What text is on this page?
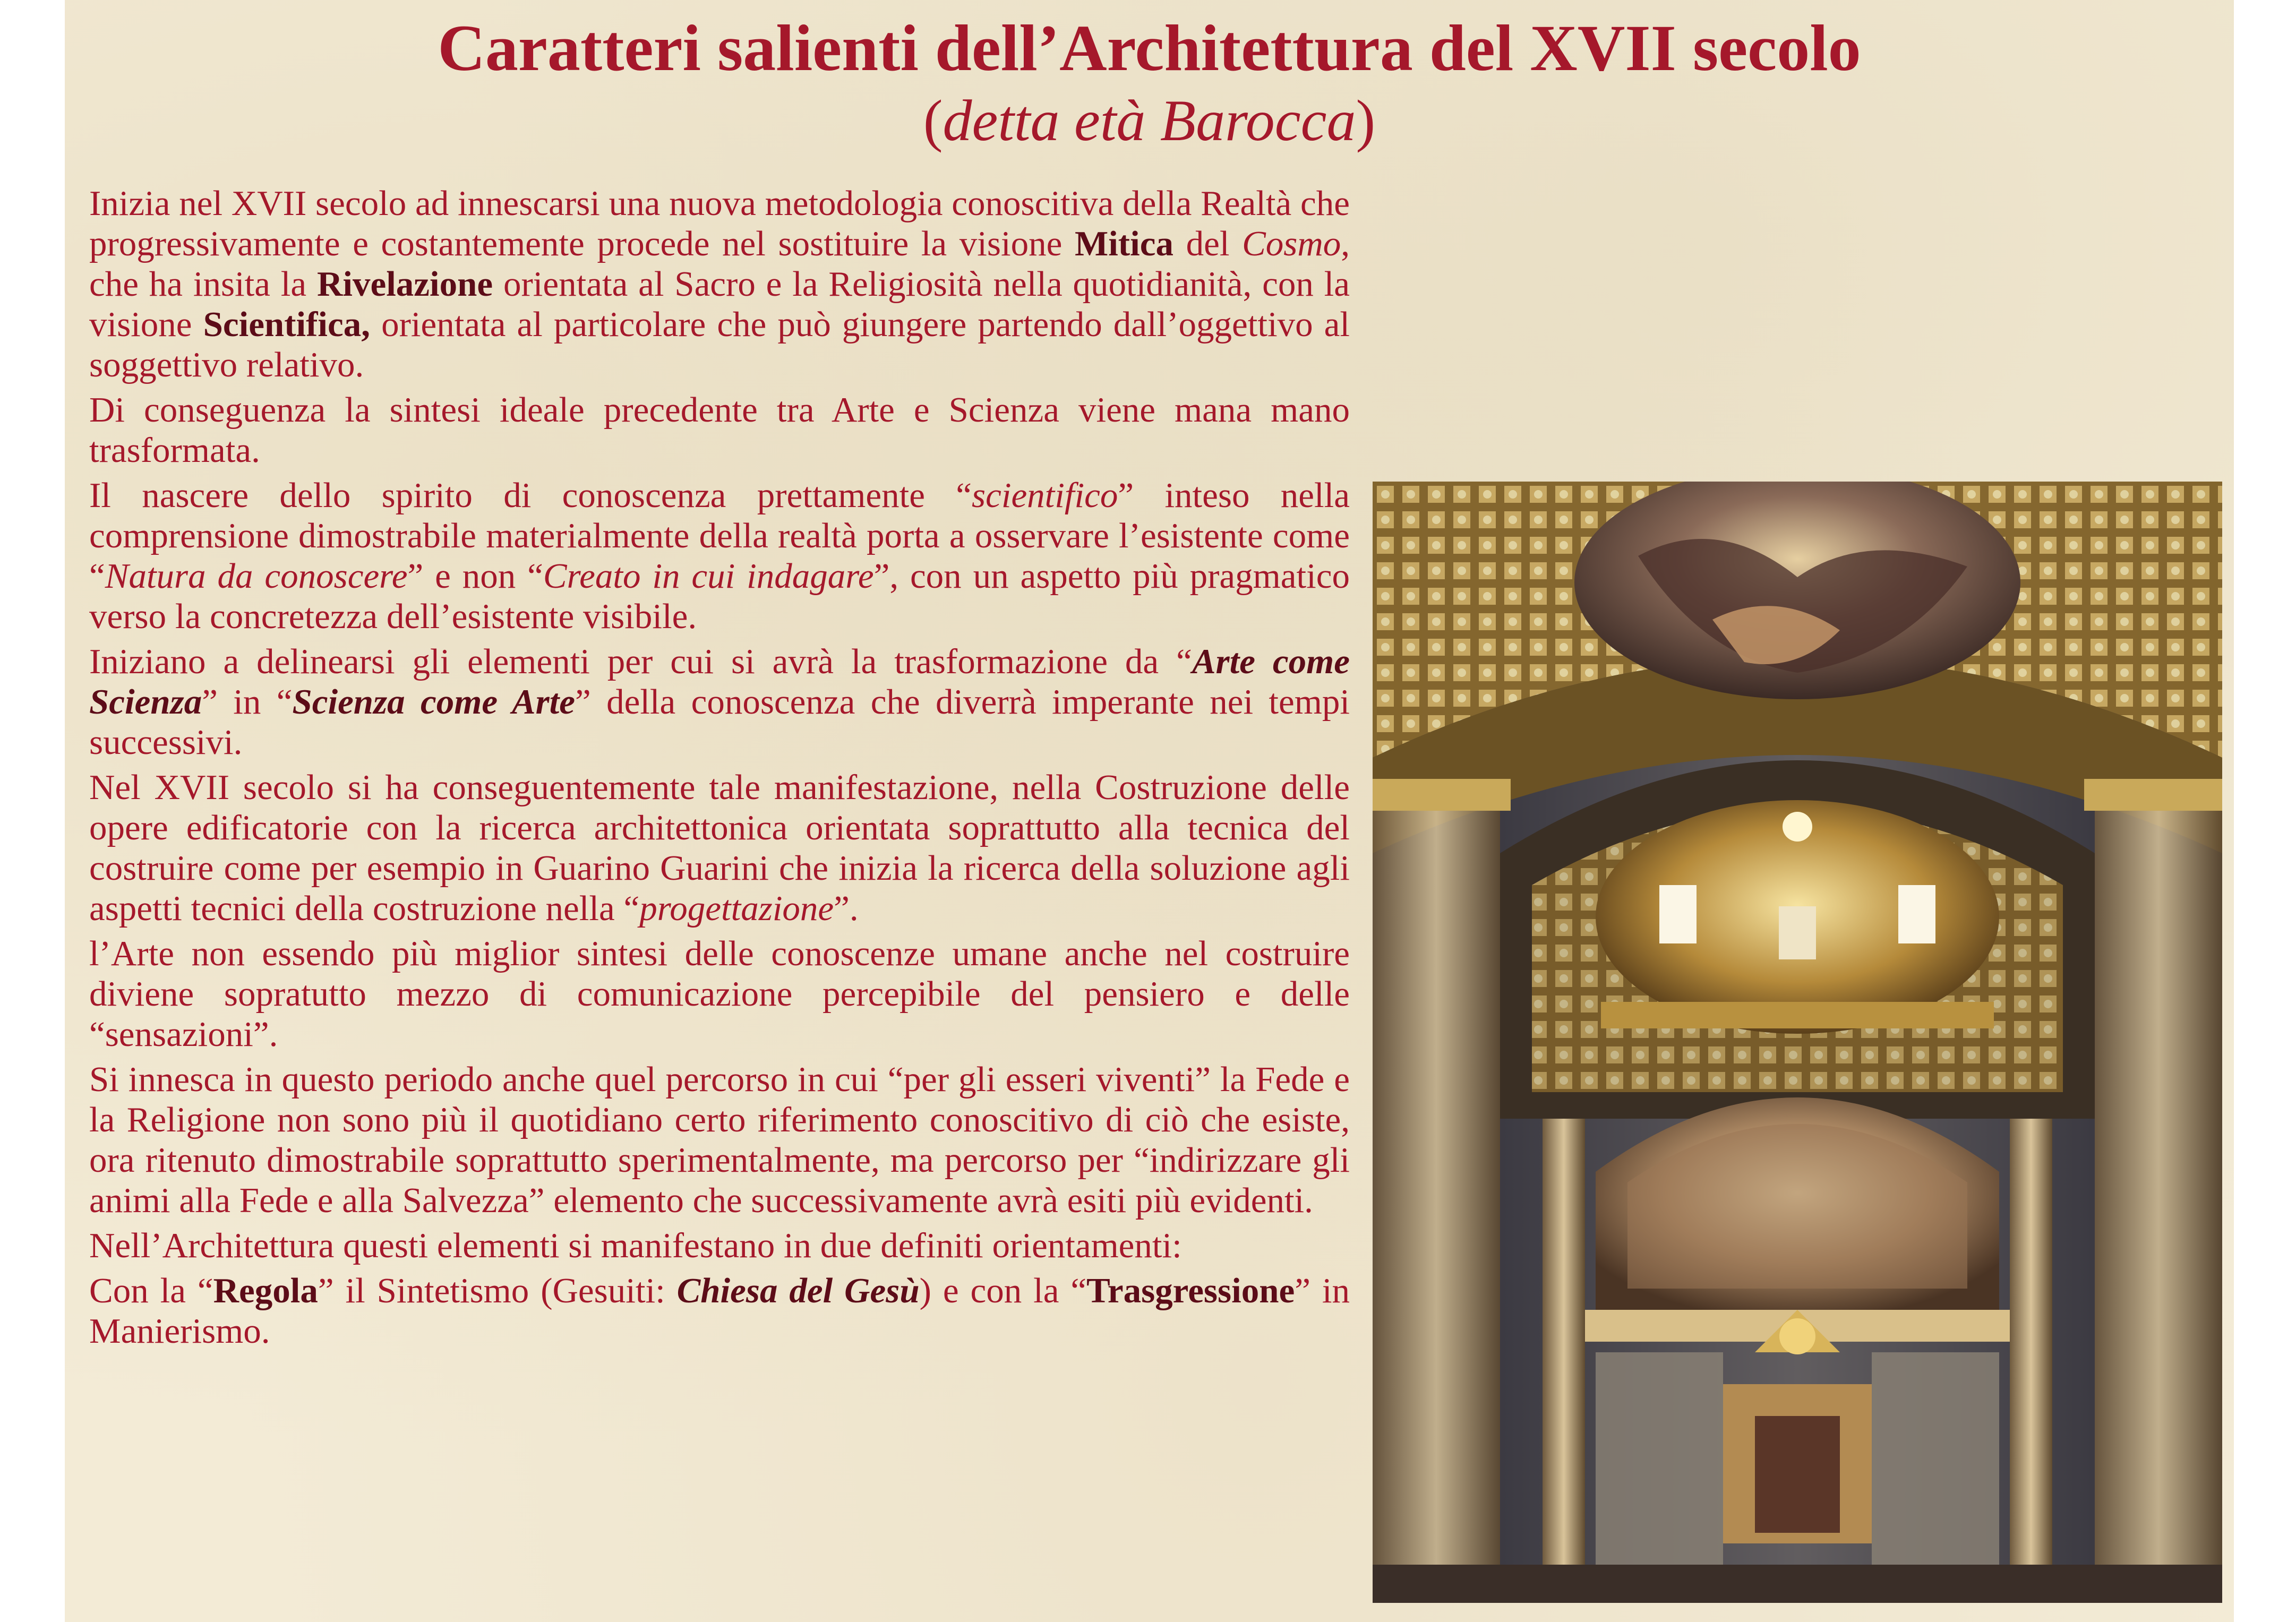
Caratteri salienti dell’Architettura del XVII secolo
(detta età Barocca)

Inizia nel XVII secolo ad innescarsi una nuova metodologia conoscitiva della Realtà che progressivamente e costantemente procede nel sostituire la visione Mitica del Cosmo, che ha insita la Rivelazione orientata al Sacro e la Religiosità nella quotidianità, con la visione Scientifica, orientata al particolare che può giungere partendo dall’oggettivo al soggettivo relativo.

Di conseguenza la sintesi ideale precedente tra Arte e Scienza viene mana mano trasformata.

Il nascere dello spirito di conoscenza prettamente “scientifico” inteso nella comprensione dimostrabile materialmente della realtà porta a osservare l’esistente come “Natura da conoscere” e non “Creato in cui indagare”, con un aspetto più pragmatico verso la concretezza dell’esistente visibile.

Iniziano a delinearsi gli elementi per cui si avrà la trasformazione da “Arte come Scienza” in “Scienza come Arte” della conoscenza che diverrà imperante nei tempi successivi.

Nel XVII secolo si ha conseguentemente tale manifestazione, nella Costruzione delle opere edificatorie con la ricerca architettonica orientata soprattutto alla tecnica del costruire come per esempio in Guarino Guarini che inizia la ricerca della soluzione agli aspetti tecnici della costruzione nella “progettazione”.

l’Arte non essendo più miglior sintesi delle conoscenze umane anche nel costruire diviene sopratutto mezzo di comunicazione percepibile del pensiero e delle “sensazioni”.

Si innesca in questo periodo anche quel percorso in cui “per gli esseri viventi” la Fede e la Religione non sono più il quotidiano certo riferimento conoscitivo di ciò che esiste, ora ritenuto dimostrabile soprattutto sperimentalmente, ma percorso per “indirizzare gli animi alla Fede e alla Salvezza” elemento che successivamente avrà esiti più evidenti.

Nell’Architettura questi elementi si manifestano in due definiti orientamenti:

Con la “Regola” il Sintetismo (Gesuiti: Chiesa del Gesù) e con la “Trasgressione” in Manierismo.
